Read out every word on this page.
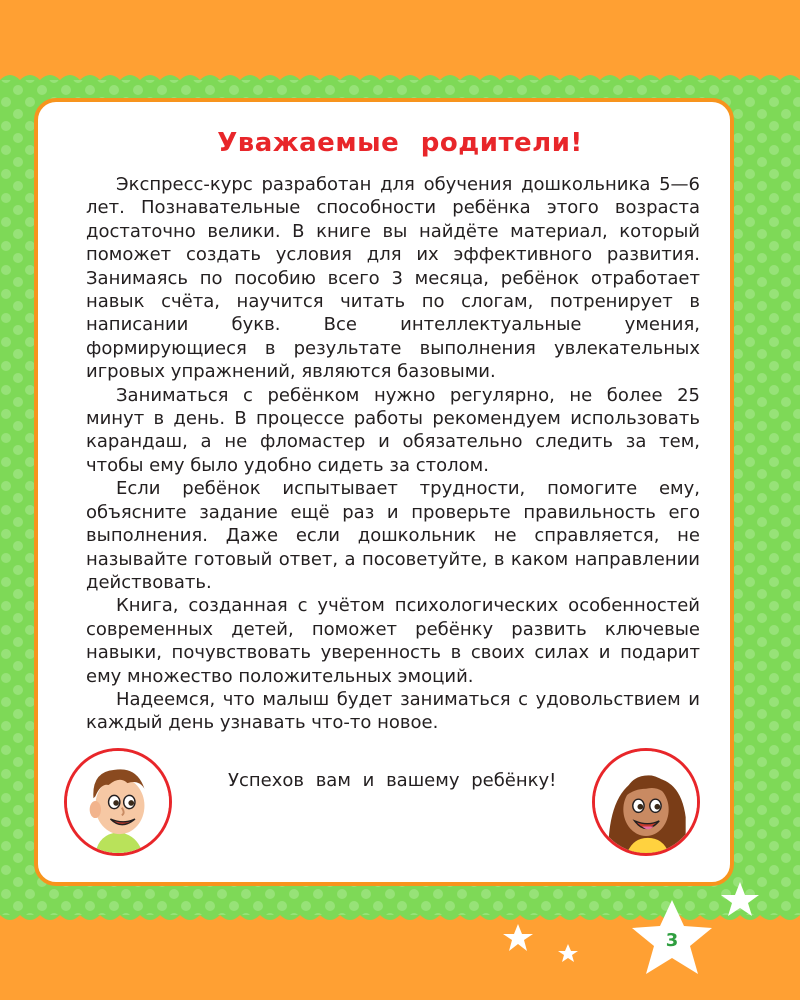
Уважаемые родители!

Экспресс-курс разработан для обучения дошкольника 5—6 лет. Познавательные способности ребёнка этого возраста достаточно велики. В книге вы найдёте материал, который поможет создать условия для их эффективного развития. Занимаясь по пособию всего 3 месяца, ребёнок отработает навык счёта, научится читать по слогам, потренирует в написании букв. Все интеллектуальные умения, формирующиеся в результате выполнения увлекательных игровых упражнений, являются базовыми.

Заниматься с ребёнком нужно регулярно, не более 25 минут в день. В процессе работы рекомендуем использовать карандаш, а не фломастер и обязательно следить за тем, чтобы ему было удобно сидеть за столом.

Если ребёнок испытывает трудности, помогите ему, объясните задание ещё раз и проверьте правильность его выполнения. Даже если дошкольник не справляется, не называйте готовый ответ, а посоветуйте, в каком направлении действовать.

Книга, созданная с учётом психологических особенностей современных детей, поможет ребёнку развить ключевые навыки, почувствовать уверенность в своих силах и подарит ему множество положительных эмоций.

Надеемся, что малыш будет заниматься с удовольствием и каждый день узнавать что-то новое.

Успехов вам и вашему ребёнку!
3
